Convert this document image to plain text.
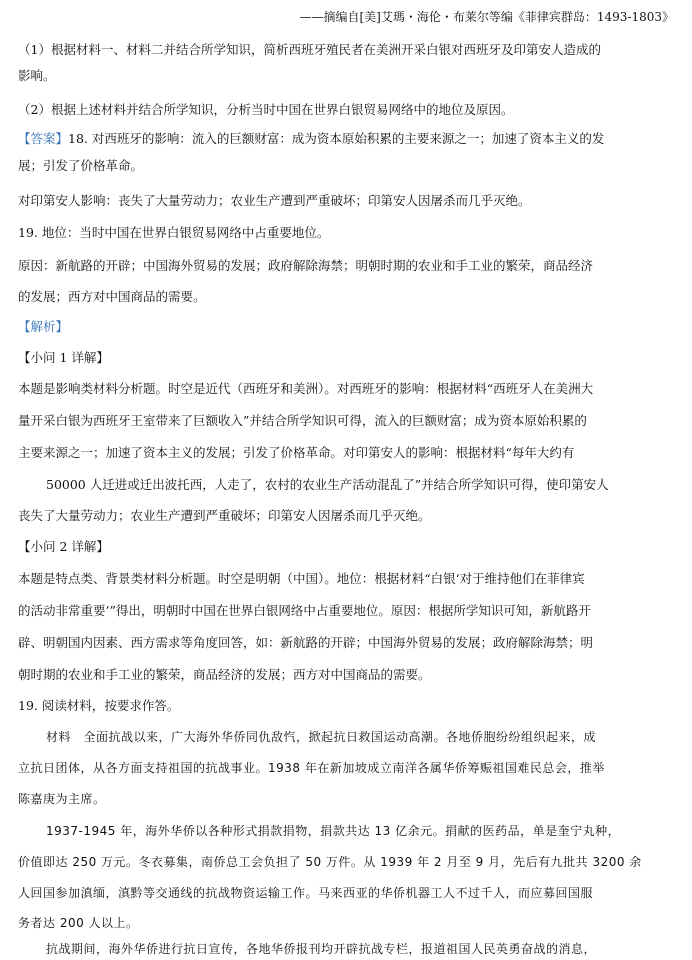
——摘编自[美]艾瑪・海伦・布莱尔等编《菲律宾群岛：1493-1803》
（1）根据材料一、材料二并结合所学知识，简析西班牙殖民者在美洲开采白银对西班牙及印第安人造成的
影响。
（2）根据上述材料并结合所学知识，分析当时中国在世界白银贸易网络中的地位及原因。
【答案】18. 对西班牙的影响：流入的巨额财富：成为资本原始积累的主要来源之一；加速了资本主义的发
展；引发了价格革命。
对印第安人影响：丧失了大量劳动力；农业生产遭到严重破坏；印第安人因屠杀而几乎灭绝。
19. 地位：当时中国在世界白银贸易网络中占重要地位。
原因：新航路的开辟；中国海外贸易的发展；政府解除海禁；明朝时期的农业和手工业的繁荣，商品经济
的发展；西方对中国商品的需要。
【解析】
【小问 1 详解】
本题是影响类材料分析题。时空是近代（西班牙和美洲）。对西班牙的影响：根据材料“西班牙人在美洲大
量开采白银为西班牙王室带来了巨额收入”并结合所学知识可得，流入的巨额财富；成为资本原始积累的
主要来源之一；加速了资本主义的发展；引发了价格革命。对印第安人的影响：根据材料“每年大约有
50000 人迁进或迁出波托西，人走了，农村的农业生产活动混乱了”并结合所学知识可得，使印第安人
丧失了大量劳动力；农业生产遭到严重破坏；印第安人因屠杀而几乎灭绝。
【小问 2 详解】
本题是特点类、背景类材料分析题。时空是明朝（中国）。地位：根据材料“白银‘对于维持他们在菲律宾
的活动非常重要’”得出，明朝时中国在世界白银网络中占重要地位。原因：根据所学知识可知，新航路开
辟、明朝国内因素、西方需求等角度回答，如：新航路的开辟；中国海外贸易的发展；政府解除海禁；明
朝时期的农业和手工业的繁荣，商品经济的发展；西方对中国商品的需要。
19. 阅读材料，按要求作答。
材料　全面抗战以来，广大海外华侨同仇敌忾，掀起抗日救国运动高潮。各地侨胞纷纷组织起来，成
立抗日团体，从各方面支持祖国的抗战事业。1938 年在新加坡成立南洋各属华侨筹赈祖国难民总会，推举
陈嘉庚为主席。
1937-1945 年，海外华侨以各种形式捐款捐物，捐款共达 13 亿余元。捐献的医药品，单是奎宁丸种，
价值即达 250 万元。冬衣募集，南侨总工会负担了 50 万件。从 1939 年 2 月至 9 月，先后有九批共 3200 余
人回国参加滇缅，滇黔等交通线的抗战物资运输工作。马来西亚的华侨机器工人不过千人，而应募回国服
务者达 200 人以上。
抗战期间，海外华侨进行抗日宣传，各地华侨报刊均开辟抗战专栏，报道祖国人民英勇奋战的消息，
